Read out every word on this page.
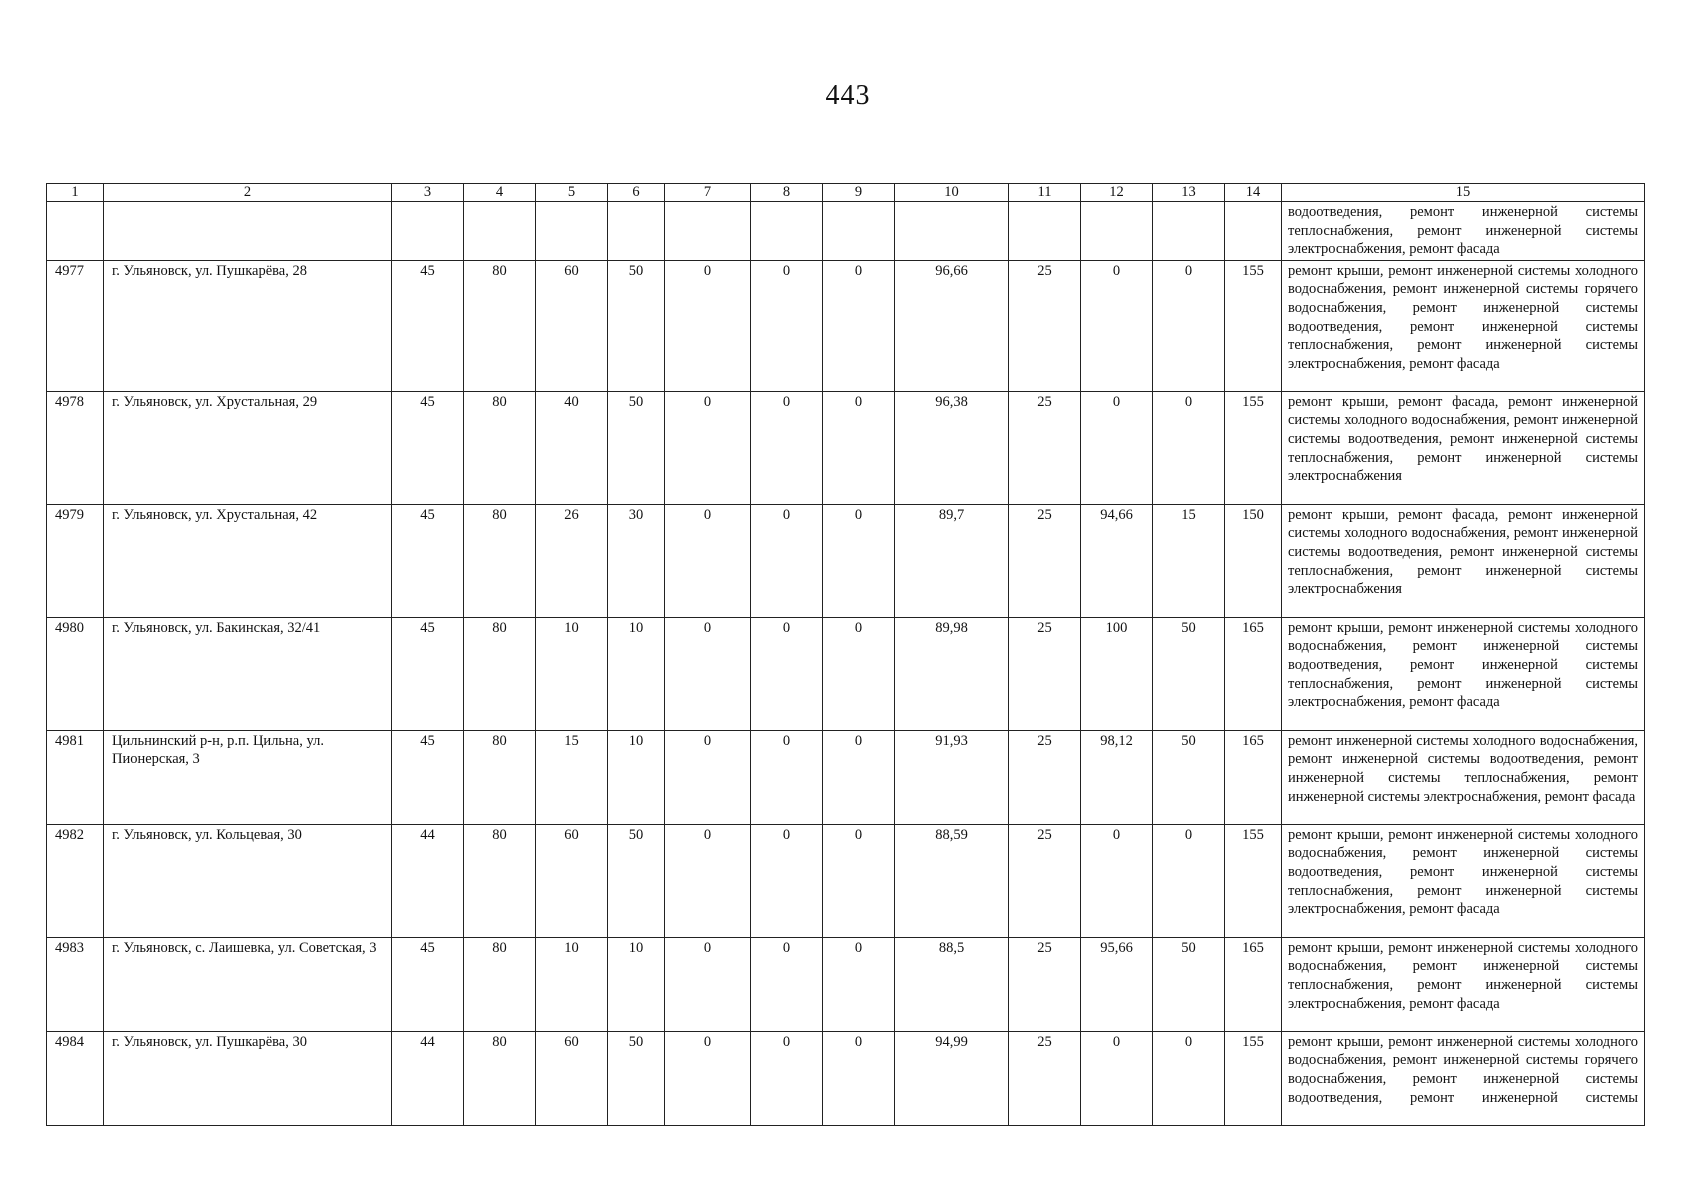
443
1	2	3	4	5	6	7	8	9	10	11	12	13	14	15
														водоотведения, ремонт инженерной системы теплоснабжения, ремонт инженерной системы электроснабжения, ремонт фасада
4977	г. Ульяновск, ул. Пушкарёва, 28	45	80	60	50	0	0	0	96,66	25	0	0	155	ремонт крыши, ремонт инженерной системы холодного водоснабжения, ремонт инженерной системы горячего водоснабжения, ремонт инженерной системы водоотведения, ремонт инженерной системы теплоснабжения, ремонт инженерной системы электроснабжения, ремонт фасада
4978	г. Ульяновск, ул. Хрустальная, 29	45	80	40	50	0	0	0	96,38	25	0	0	155	ремонт крыши, ремонт фасада, ремонт инженерной системы холодного водоснабжения, ремонт инженерной системы водоотведения, ремонт инженерной системы теплоснабжения, ремонт инженерной системы электроснабжения
4979	г. Ульяновск, ул. Хрустальная, 42	45	80	26	30	0	0	0	89,7	25	94,66	15	150	ремонт крыши, ремонт фасада, ремонт инженерной системы холодного водоснабжения, ремонт инженерной системы водоотведения, ремонт инженерной системы теплоснабжения, ремонт инженерной системы электроснабжения
4980	г. Ульяновск, ул. Бакинская, 32/41	45	80	10	10	0	0	0	89,98	25	100	50	165	ремонт крыши, ремонт инженерной системы холодного водоснабжения, ремонт инженерной системы водоотведения, ремонт инженерной системы теплоснабжения, ремонт инженерной системы электроснабжения, ремонт фасада
4981	Цильнинский р-н, р.п. Цильна, ул. Пионерская, 3	45	80	15	10	0	0	0	91,93	25	98,12	50	165	ремонт инженерной системы холодного водоснабжения, ремонт инженерной системы водоотведения, ремонт инженерной системы теплоснабжения, ремонт инженерной системы электроснабжения, ремонт фасада
4982	г. Ульяновск, ул. Кольцевая, 30	44	80	60	50	0	0	0	88,59	25	0	0	155	ремонт крыши, ремонт инженерной системы холодного водоснабжения, ремонт инженерной системы водоотведения, ремонт инженерной системы теплоснабжения, ремонт инженерной системы электроснабжения, ремонт фасада
4983	г. Ульяновск, с. Лаишевка, ул. Советская, 3	45	80	10	10	0	0	0	88,5	25	95,66	50	165	ремонт крыши, ремонт инженерной системы холодного водоснабжения, ремонт инженерной системы теплоснабжения, ремонт инженерной системы электроснабжения, ремонт фасада
4984	г. Ульяновск, ул. Пушкарёва, 30	44	80	60	50	0	0	0	94,99	25	0	0	155	ремонт крыши, ремонт инженерной системы холодного водоснабжения, ремонт инженерной системы горячего водоснабжения, ремонт инженерной системы водоотведения, ремонт инженерной системы
